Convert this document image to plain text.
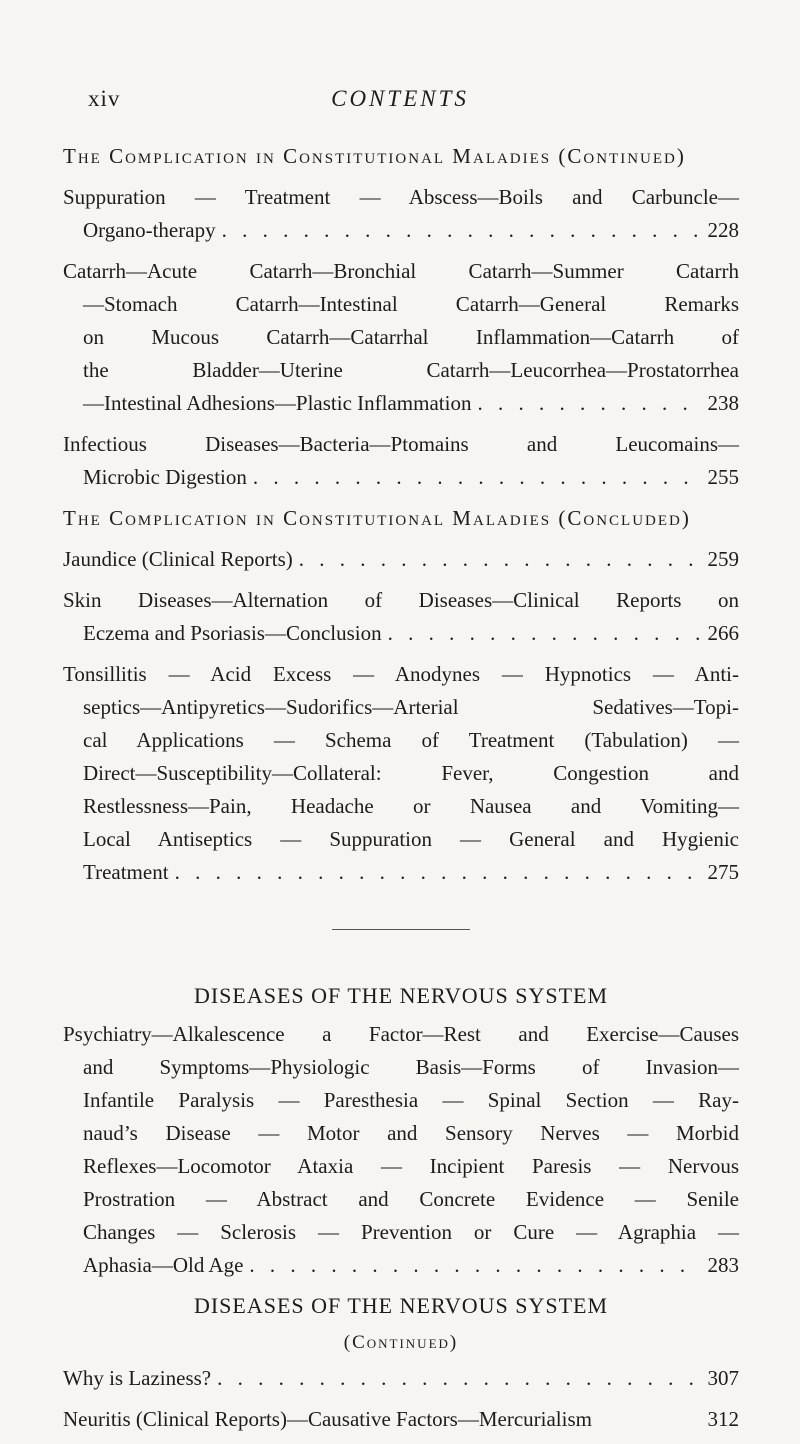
xiv	CONTENTS
The Complication in Constitutional Maladies (Continued)
Suppuration — Treatment — Abscess—Boils and Carbuncle—
Organo-therapy . . .	228
Catarrh—Acute Catarrh—Bronchial Catarrh—Summer Catarrh
—Stomach Catarrh—Intestinal Catarrh—General Remarks
on Mucous Catarrh—Catarrhal Inflammation—Catarrh of
the Bladder—Uterine Catarrh—Leucorrhea—Prostatorrhea
—Intestinal Adhesions—Plastic Inflammation . . .	238
Infectious Diseases—Bacteria—Ptomains and Leucomains—
Microbic Digestion . . .	255
The Complication in Constitutional Maladies (Concluded)
Jaundice (Clinical Reports) . . .	259
Skin Diseases—Alternation of Diseases—Clinical Reports on
Eczema and Psoriasis—Conclusion . . .	266
Tonsillitis — Acid Excess — Anodynes — Hypnotics — Anti-
septics—Antipyretics—Sudorifics—Arterial Sedatives—Topi-
cal Applications — Schema of Treatment (Tabulation) —
Direct—Susceptibility—Collateral: Fever, Congestion and
Restlessness—Pain, Headache or Nausea and Vomiting—
Local Antiseptics — Suppuration — General and Hygienic
Treatment . . .	275
DISEASES OF THE NERVOUS SYSTEM
Psychiatry—Alkalescence a Factor—Rest and Exercise—Causes
and Symptoms—Physiologic Basis—Forms of Invasion—
Infantile Paralysis — Paresthesia — Spinal Section — Ray-
naud’s Disease — Motor and Sensory Nerves — Morbid
Reflexes—Locomotor Ataxia — Incipient Paresis — Nervous
Prostration — Abstract and Concrete Evidence — Senile
Changes — Sclerosis — Prevention or Cure — Agraphia —
Aphasia—Old Age . . .	283
DISEASES OF THE NERVOUS SYSTEM
(Continued)
Why is Laziness? . . .	307
Neuritis (Clinical Reports)—Causative Factors—Mercurialism	312
